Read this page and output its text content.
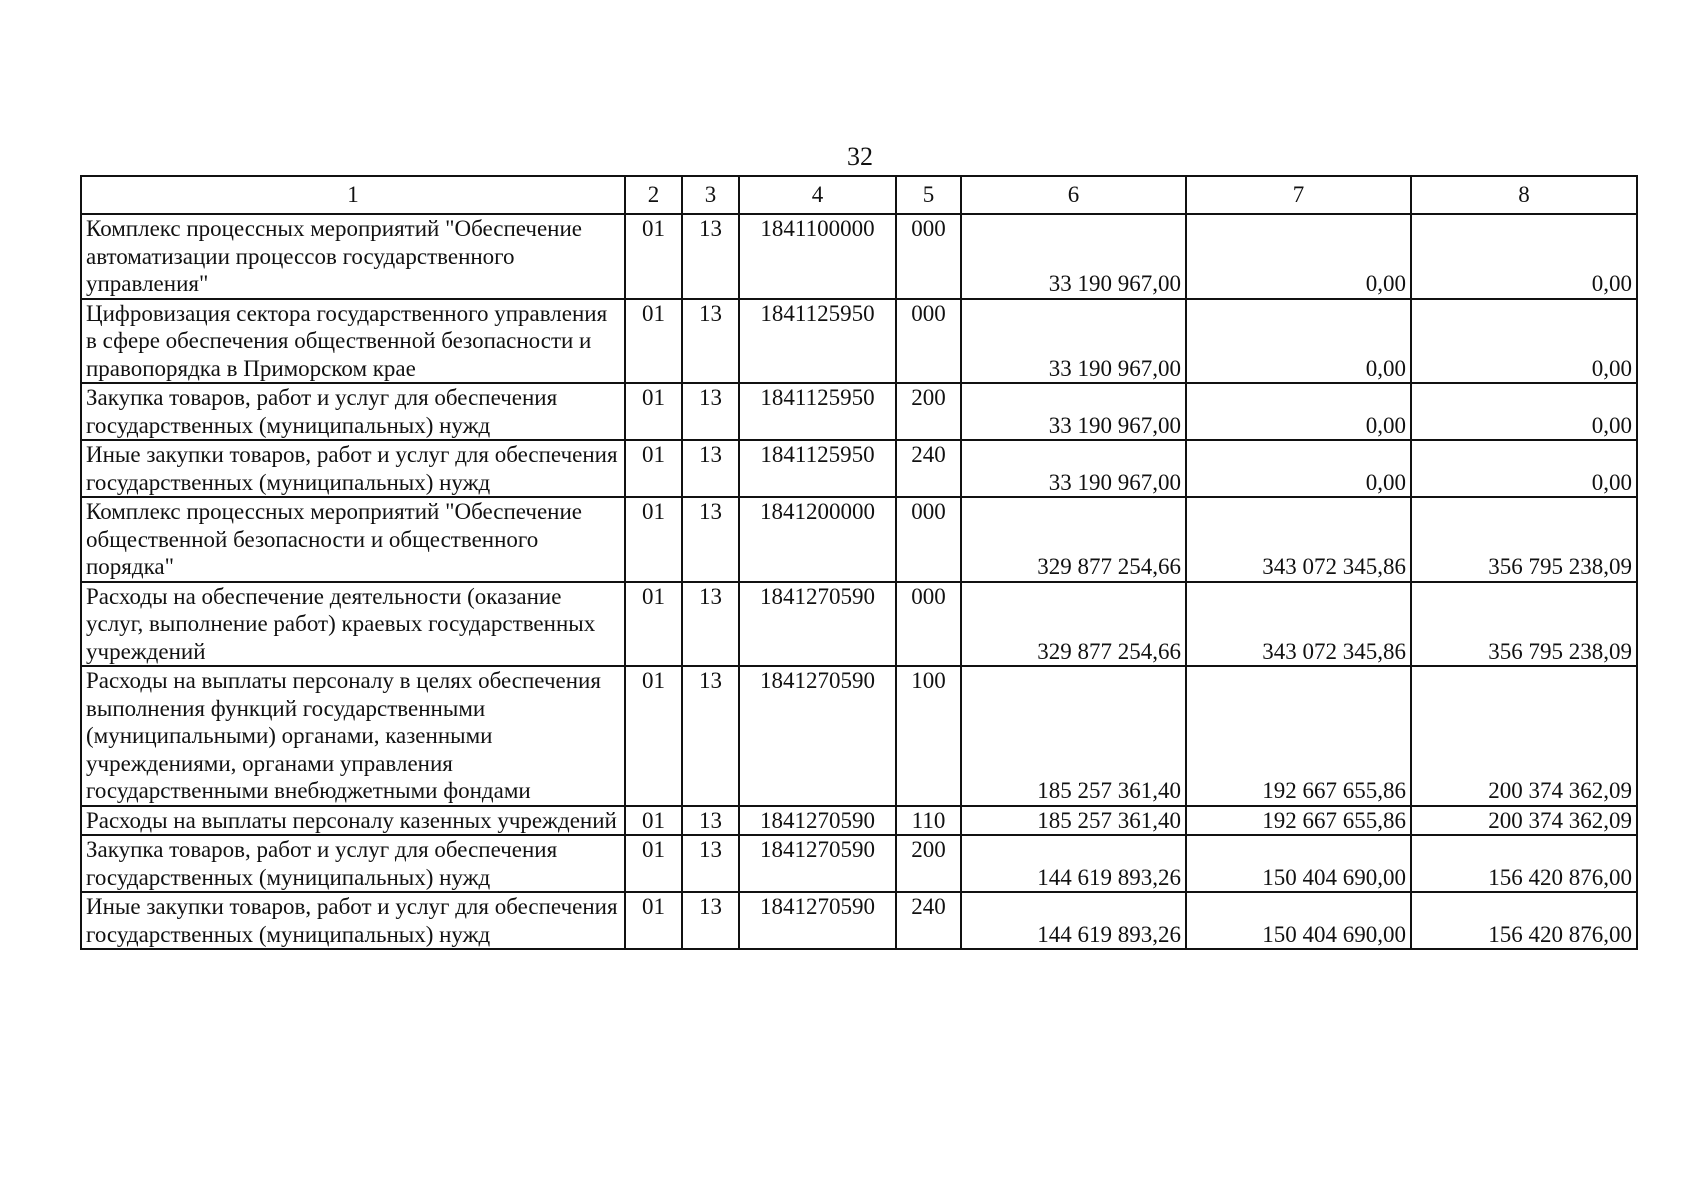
32
1	2	3	4	5	6	7	8
Комплекс процессных мероприятий "Обеспечение автоматизации процессов государственного управления"	01	13	1841100000	000	33 190 967,00	0,00	0,00
Цифровизация сектора государственного управления в сфере обеспечения общественной безопасности и правопорядка в Приморском крае	01	13	1841125950	000	33 190 967,00	0,00	0,00
Закупка товаров, работ и услуг для обеспечения государственных (муниципальных) нужд	01	13	1841125950	200	33 190 967,00	0,00	0,00
Иные закупки товаров, работ и услуг для обеспечения государственных (муниципальных) нужд	01	13	1841125950	240	33 190 967,00	0,00	0,00
Комплекс процессных мероприятий "Обеспечение общественной безопасности и общественного порядка"	01	13	1841200000	000	329 877 254,66	343 072 345,86	356 795 238,09
Расходы на обеспечение деятельности (оказание услуг, выполнение работ) краевых государственных учреждений	01	13	1841270590	000	329 877 254,66	343 072 345,86	356 795 238,09
Расходы на выплаты персоналу в целях обеспечения выполнения функций государственными (муниципальными) органами, казенными учреждениями, органами управления государственными внебюджетными фондами	01	13	1841270590	100	185 257 361,40	192 667 655,86	200 374 362,09
Расходы на выплаты персоналу казенных учреждений	01	13	1841270590	110	185 257 361,40	192 667 655,86	200 374 362,09
Закупка товаров, работ и услуг для обеспечения государственных (муниципальных) нужд	01	13	1841270590	200	144 619 893,26	150 404 690,00	156 420 876,00
Иные закупки товаров, работ и услуг для обеспечения государственных (муниципальных) нужд	01	13	1841270590	240	144 619 893,26	150 404 690,00	156 420 876,00
